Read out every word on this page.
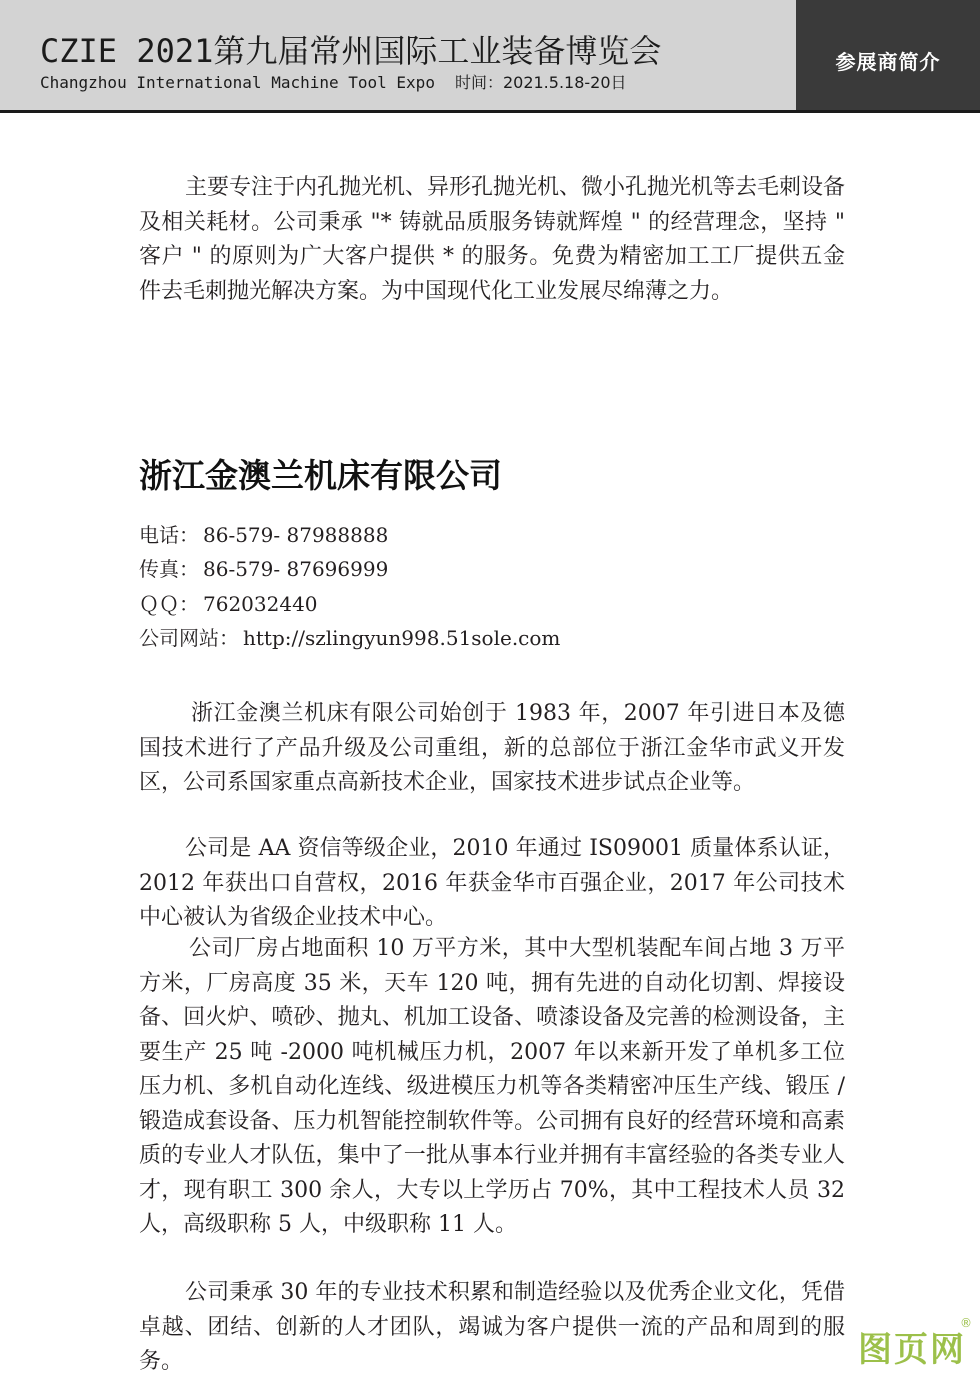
CZIE 2021第九届常州国际工业装备博览会
Changzhou International Machine Tool Expo 时间：2021.5.18-20日
参展商简介

主要专注于内孔抛光机、异形孔抛光机、微小孔抛光机等去毛刺设备及相关耗材。公司秉承 "* 铸就品质服务铸就辉煌 " 的经营理念，坚持 " 客户 " 的原则为广大客户提供 * 的服务。免费为精密加工工厂提供五金件去毛刺抛光解决方案。为中国现代化工业发展尽绵薄之力。

浙江金澳兰机床有限公司
电话： 86-579- 87988888
传真： 86-579- 87696999
ＱＱ： 762032440
公司网站： http://szlingyun998.51sole.com

浙江金澳兰机床有限公司始创于 1983 年，2007 年引进日本及德国技术进行了产品升级及公司重组，新的总部位于浙江金华市武义开发区，公司系国家重点高新技术企业，国家技术进步试点企业等。

公司是 AA 资信等级企业，2010 年通过 IS09001 质量体系认证，2012 年获出口自营权，2016 年获金华市百强企业，2017 年公司技术中心被认为省级企业技术中心。

公司厂房占地面积 10 万平方米，其中大型机装配车间占地 3 万平方米，厂房高度 35 米，天车 120 吨，拥有先进的自动化切割、焊接设备、回火炉、喷砂、抛丸、机加工设备、喷漆设备及完善的检测设备，主要生产 25 吨 -2000 吨机械压力机，2007 年以来新开发了单机多工位压力机、多机自动化连线、级进模压力机等各类精密冲压生产线、锻压 / 锻造成套设备、压力机智能控制软件等。公司拥有良好的经营环境和高素质的专业人才队伍，集中了一批从事本行业并拥有丰富经验的各类专业人才，现有职工 300 余人，大专以上学历占 70%，其中工程技术人员 32 人，高级职称 5 人，中级职称 11 人。

公司秉承 30 年的专业技术积累和制造经验以及优秀企业文化，凭借卓越、团结、创新的人才团队，竭诚为客户提供一流的产品和周到的服务。	图页网
®
